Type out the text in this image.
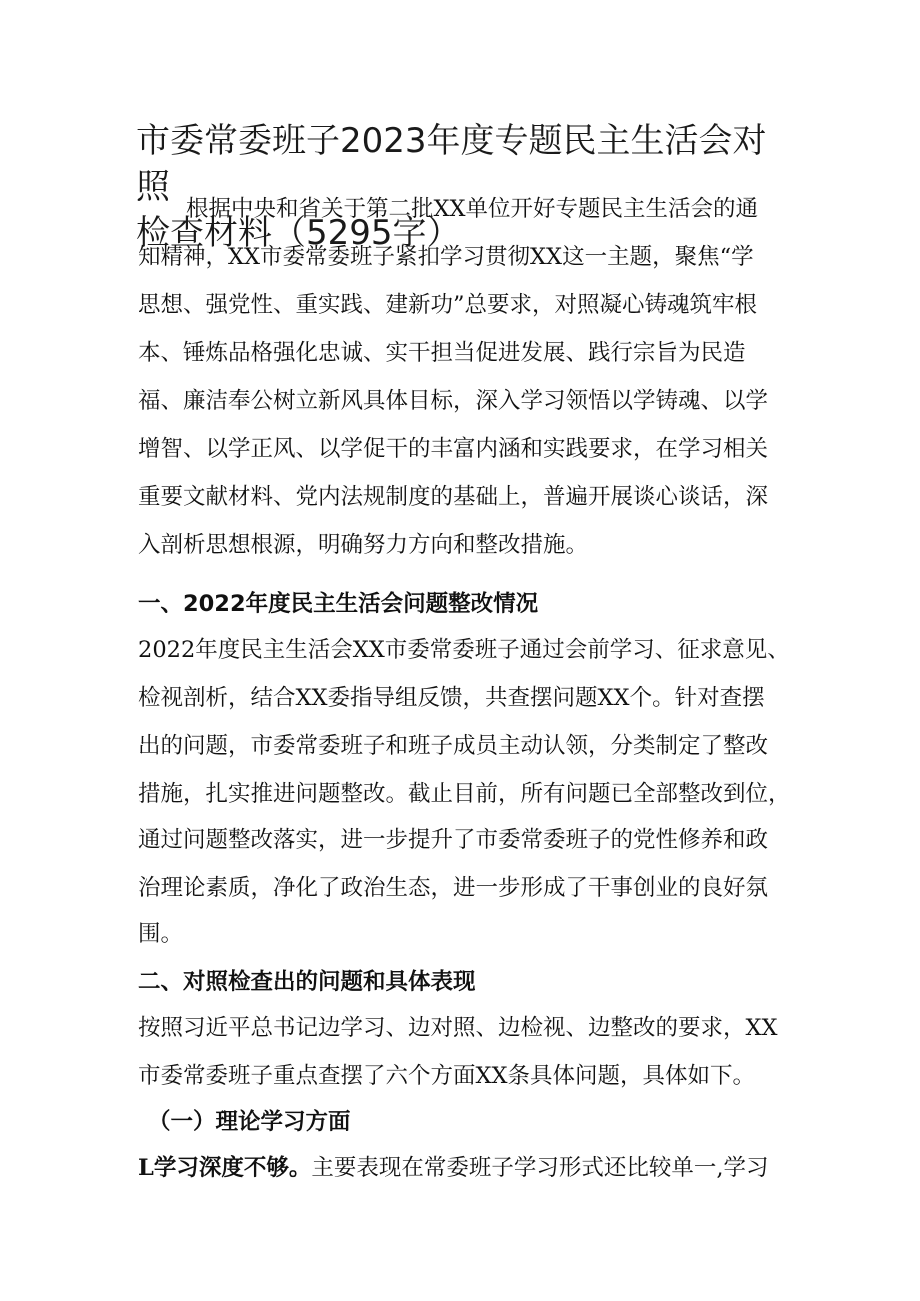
市委常委班子2023年度专题民主生活会对照
检查材料（5295字）
根据中央和省关于第二批XX单位开好专题民主生活会的通
知精神，XX市委常委班子紧扣学习贯彻XX这一主题，聚焦“学
思想、强党性、重实践、建新功”总要求，对照凝心铸魂筑牢根
本、锤炼品格强化忠诚、实干担当促进发展、践行宗旨为民造
福、廉洁奉公树立新风具体目标，深入学习领悟以学铸魂、以学
增智、以学正风、以学促干的丰富内涵和实践要求，在学习相关
重要文献材料、党内法规制度的基础上，普遍开展谈心谈话，深
入剖析思想根源，明确努力方向和整改措施。
一、2022年度民主生活会问题整改情况
2022年度民主生活会XX市委常委班子通过会前学习、征求意见、
检视剖析，结合XX委指导组反馈，共查摆问题XX个。针对查摆
出的问题，市委常委班子和班子成员主动认领，分类制定了整改
措施，扎实推进问题整改。截止目前，所有问题已全部整改到位，
通过问题整改落实，进一步提升了市委常委班子的党性修养和政
治理论素质，净化了政治生态，进一步形成了干事创业的良好氛
围。
二、对照检查出的问题和具体表现
按照习近平总书记边学习、边对照、边检视、边整改的要求，XX
市委常委班子重点查摆了六个方面XX条具体问题，具体如下。
（一）理论学习方面
L学习深度不够。主要表现在常委班子学习形式还比较单一,学习
